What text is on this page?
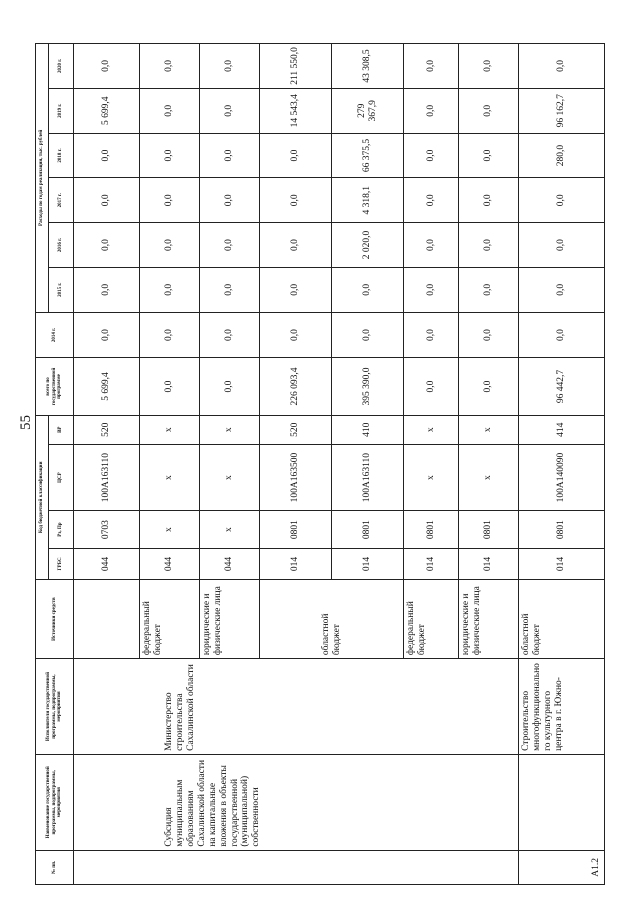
55
№ пп.	Наименование государственной программы, подпрограммы, мероприятия	Исполнители государственной программы, подпрограммы, мероприятия	Источники средств	Код бюджетной классификации				всего по государственной программе	2014 г.	Расходы по годам реализации, тыс. рублей					
				ГРБС	Рз, Пр	ЦСР	ВР			2015 г.	2016 г.	2017 г.	2018 г.	2019 г.	2020 г.
	Субсидия муниципальным образованиям Сахалинской области на капитальные вложения в объекты государственной (муниципальной) собственности	Министерство строительства Сахалинской области		044	0703	100А163110	520	5 699,4	0,0	0,0	0,0	0,0	0,0	5 699,4	0,0
			федеральный бюджет	044	х	х	х	0,0	0,0	0,0	0,0	0,0	0,0	0,0	0,0
			юридические и физические лица	044	х	х	х	0,0	0,0	0,0	0,0	0,0	0,0	0,0	0,0
			областной бюджет	014	0801	100А163500	520	226 093,4	0,0	0,0	0,0	0,0	0,0	14 543,4	211 550,0
				014	0801	100А163110	410	395 390,0	0,0	0,0	2 020,0	4 318,1	66 375,5	279 367,9	43 308,5
			федеральный бюджет	014	0801	х	х	0,0	0,0	0,0	0,0	0,0	0,0	0,0	0,0
			юридические и физические лица	014	0801	х	х	0,0	0,0	0,0	0,0	0,0	0,0	0,0	0,0
А1.2		Строительство многофункционального культурного центра в г. Южно-	областной бюджет	014	0801	100А140090	414	96 442,7	0,0	0,0	0,0	0,0	280,0	96 162,7	0,0
